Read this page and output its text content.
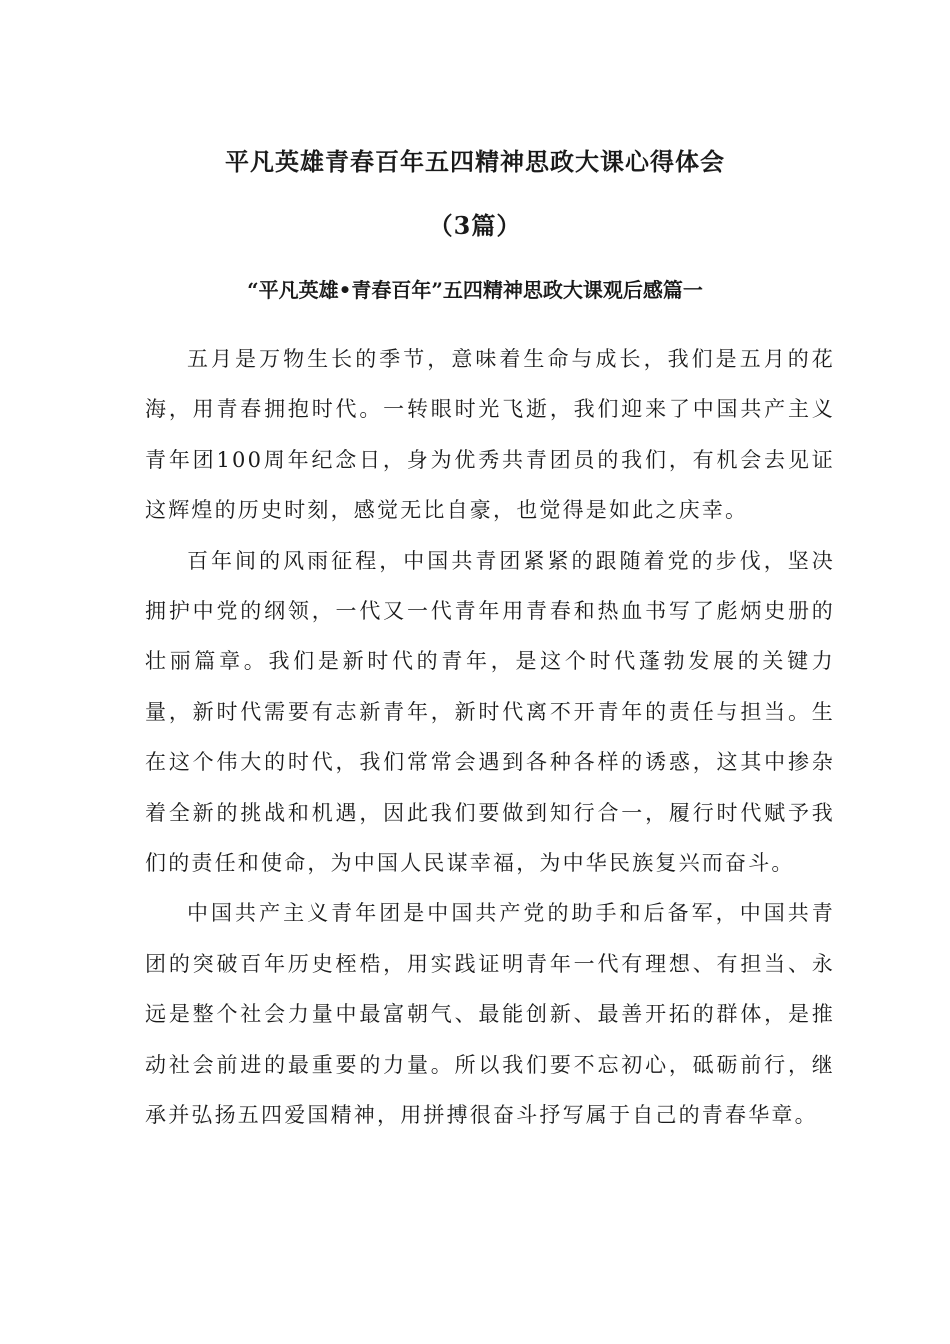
平凡英雄青春百年五四精神思政大课心得体会
（3篇）
“平凡英雄•青春百年”五四精神思政大课观后感篇一

五月是万物生长的季节，意味着生命与成长，我们是五月的花海，用青春拥抱时代。一转眼时光飞逝，我们迎来了中国共产主义青年团100周年纪念日，身为优秀共青团员的我们，有机会去见证这辉煌的历史时刻，感觉无比自豪，也觉得是如此之庆幸。

百年间的风雨征程，中国共青团紧紧的跟随着党的步伐，坚决拥护中党的纲领，一代又一代青年用青春和热血书写了彪炳史册的壮丽篇章。我们是新时代的青年，是这个时代蓬勃发展的关键力量，新时代需要有志新青年，新时代离不开青年的责任与担当。生在这个伟大的时代，我们常常会遇到各种各样的诱惑，这其中掺杂着全新的挑战和机遇，因此我们要做到知行合一，履行时代赋予我们的责任和使命，为中国人民谋幸福，为中华民族复兴而奋斗。

中国共产主义青年团是中国共产党的助手和后备军，中国共青团的突破百年历史桎梏，用实践证明青年一代有理想、有担当、永远是整个社会力量中最富朝气、最能创新、最善开拓的群体，是推动社会前进的最重要的力量。所以我们要不忘初心，砥砺前行，继承并弘扬五四爱国精神，用拼搏很奋斗抒写属于自己的青春华章。
